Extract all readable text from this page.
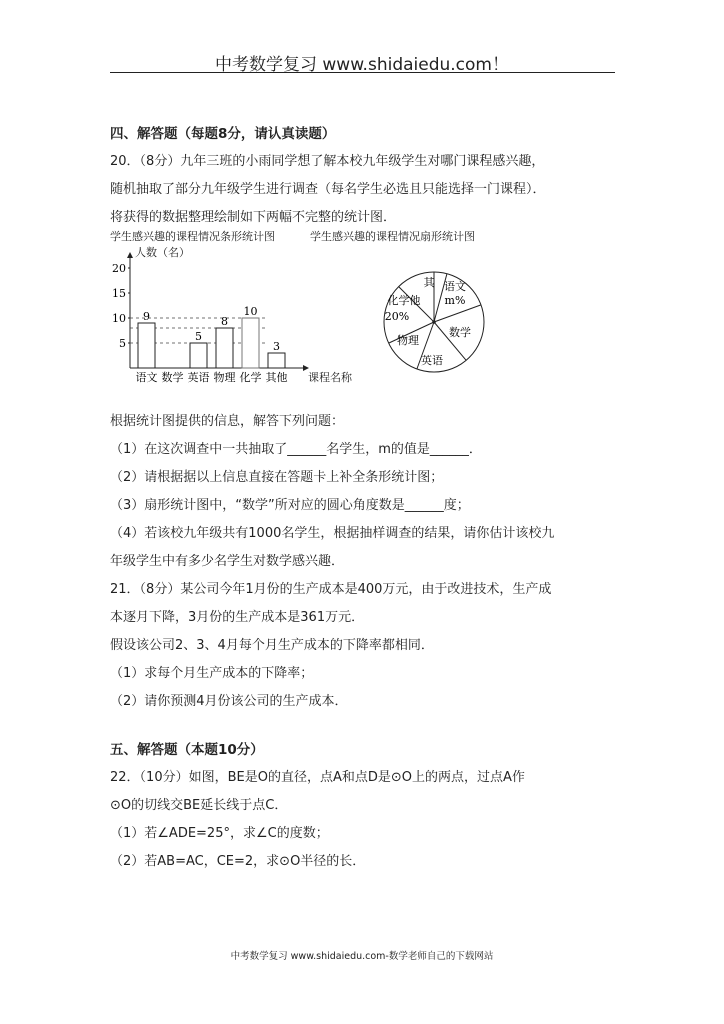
中考数学复习 www.shidaiedu.com！
四、解答题（每题8分，请认真读题）
20．（8分）九年三班的小雨同学想了解本校九年级学生对哪门课程感兴趣，
随机抽取了部分九年级学生进行调查（每名学生必选且只能选择一门课程）．
将获得的数据整理绘制如下两幅不完整的统计图．
学生感兴趣的课程情况条形统计图
人数（名）
5
10
15
20
9
5
8
10
3
语文 数学 英语 物理 化学 其他 课程名称
学生感兴趣的课程情况扇形统计图
语文
m%
数学
英语
物理
化学他
20%
其
根据统计图提供的信息，解答下列问题：
（1）在这次调查中一共抽取了______名学生，m的值是______．
（2）请根据据以上信息直接在答题卡上补全条形统计图；
（3）扇形统计图中，“数学”所对应的圆心角度数是______度；
（4）若该校九年级共有1000名学生，根据抽样调查的结果，请你估计该校九
年级学生中有多少名学生对数学感兴趣．
21．（8分）某公司今年1月份的生产成本是400万元，由于改进技术，生产成
本逐月下降，3月份的生产成本是361万元．
假设该公司2、3、4月每个月生产成本的下降率都相同．
（1）求每个月生产成本的下降率；
（2）请你预测4月份该公司的生产成本．
五、解答题（本题10分）
22．（10分）如图，BE是O的直径，点A和点D是⊙O上的两点，过点A作
⊙O的切线交BE延长线于点C．
（1）若∠ADE=25°，求∠C的度数；
（2）若AB=AC，CE=2，求⊙O半径的长．
中考数学复习 www.shidaiedu.com-数学老师自己的下载网站
